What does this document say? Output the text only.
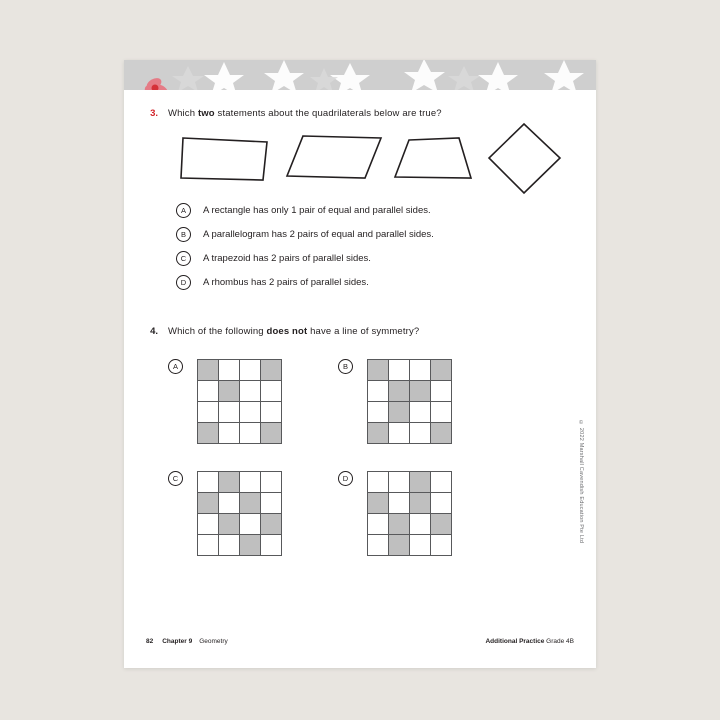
3.	Which two statements about the quadrilaterals below are true?
A	A rectangle has only 1 pair of equal and parallel sides.
B	A parallelogram has 2 pairs of equal and parallel sides.
C	A trapezoid has 2 pairs of parallel sides.
D	A rhombus has 2 pairs of parallel sides.
4.	Which of the following does not have a line of symmetry?
A	B
C	D	© 2022 Marshall Cavendish Education Pte Ltd
82 Chapter 9 Geometry	Additional Practice Grade 4B
